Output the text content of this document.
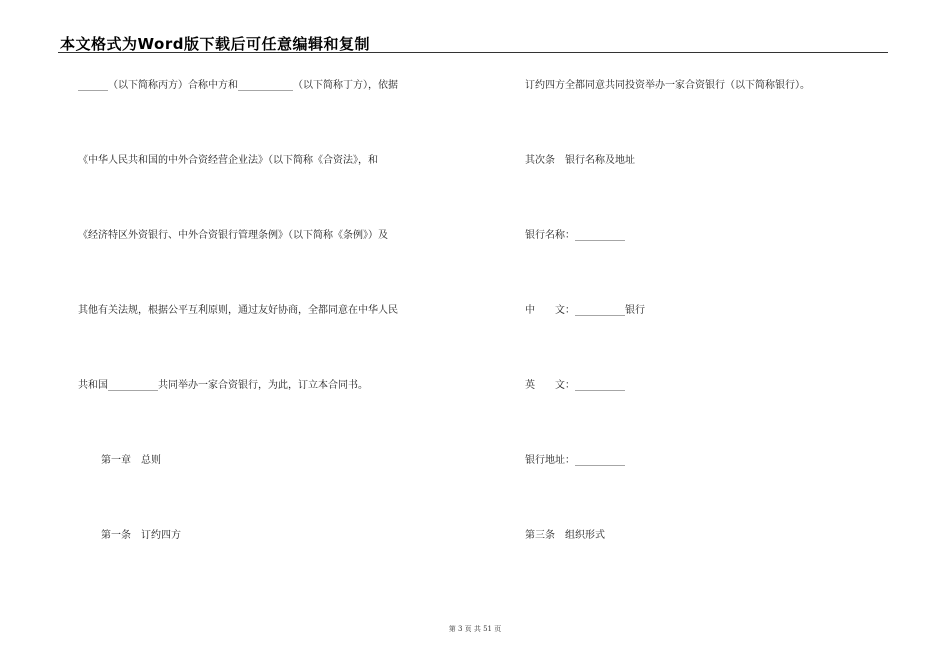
本文格式为Word版下载后可任意编辑和复制
______（以下简称丙方）合称中方和___________（以下简称丁方），依据
《中华人民共和国的中外合资经营企业法》（以下简称《合资法》，和
《经济特区外资银行、中外合资银行管理条例》（以下简称《条例》）及
其他有关法规，根据公平互利原则，通过友好协商，全都同意在中华人民
共和国__________共同举办一家合资银行，为此，订立本合同书。
第一章　总则
第一条　订约四方
订约四方全都同意共同投资举办一家合资银行（以下简称银行）。
其次条　银行名称及地址
银行名称：__________
中　　文：__________银行
英　　文：__________
银行地址：__________
第三条　组织形式
第 3 页 共 51 页
